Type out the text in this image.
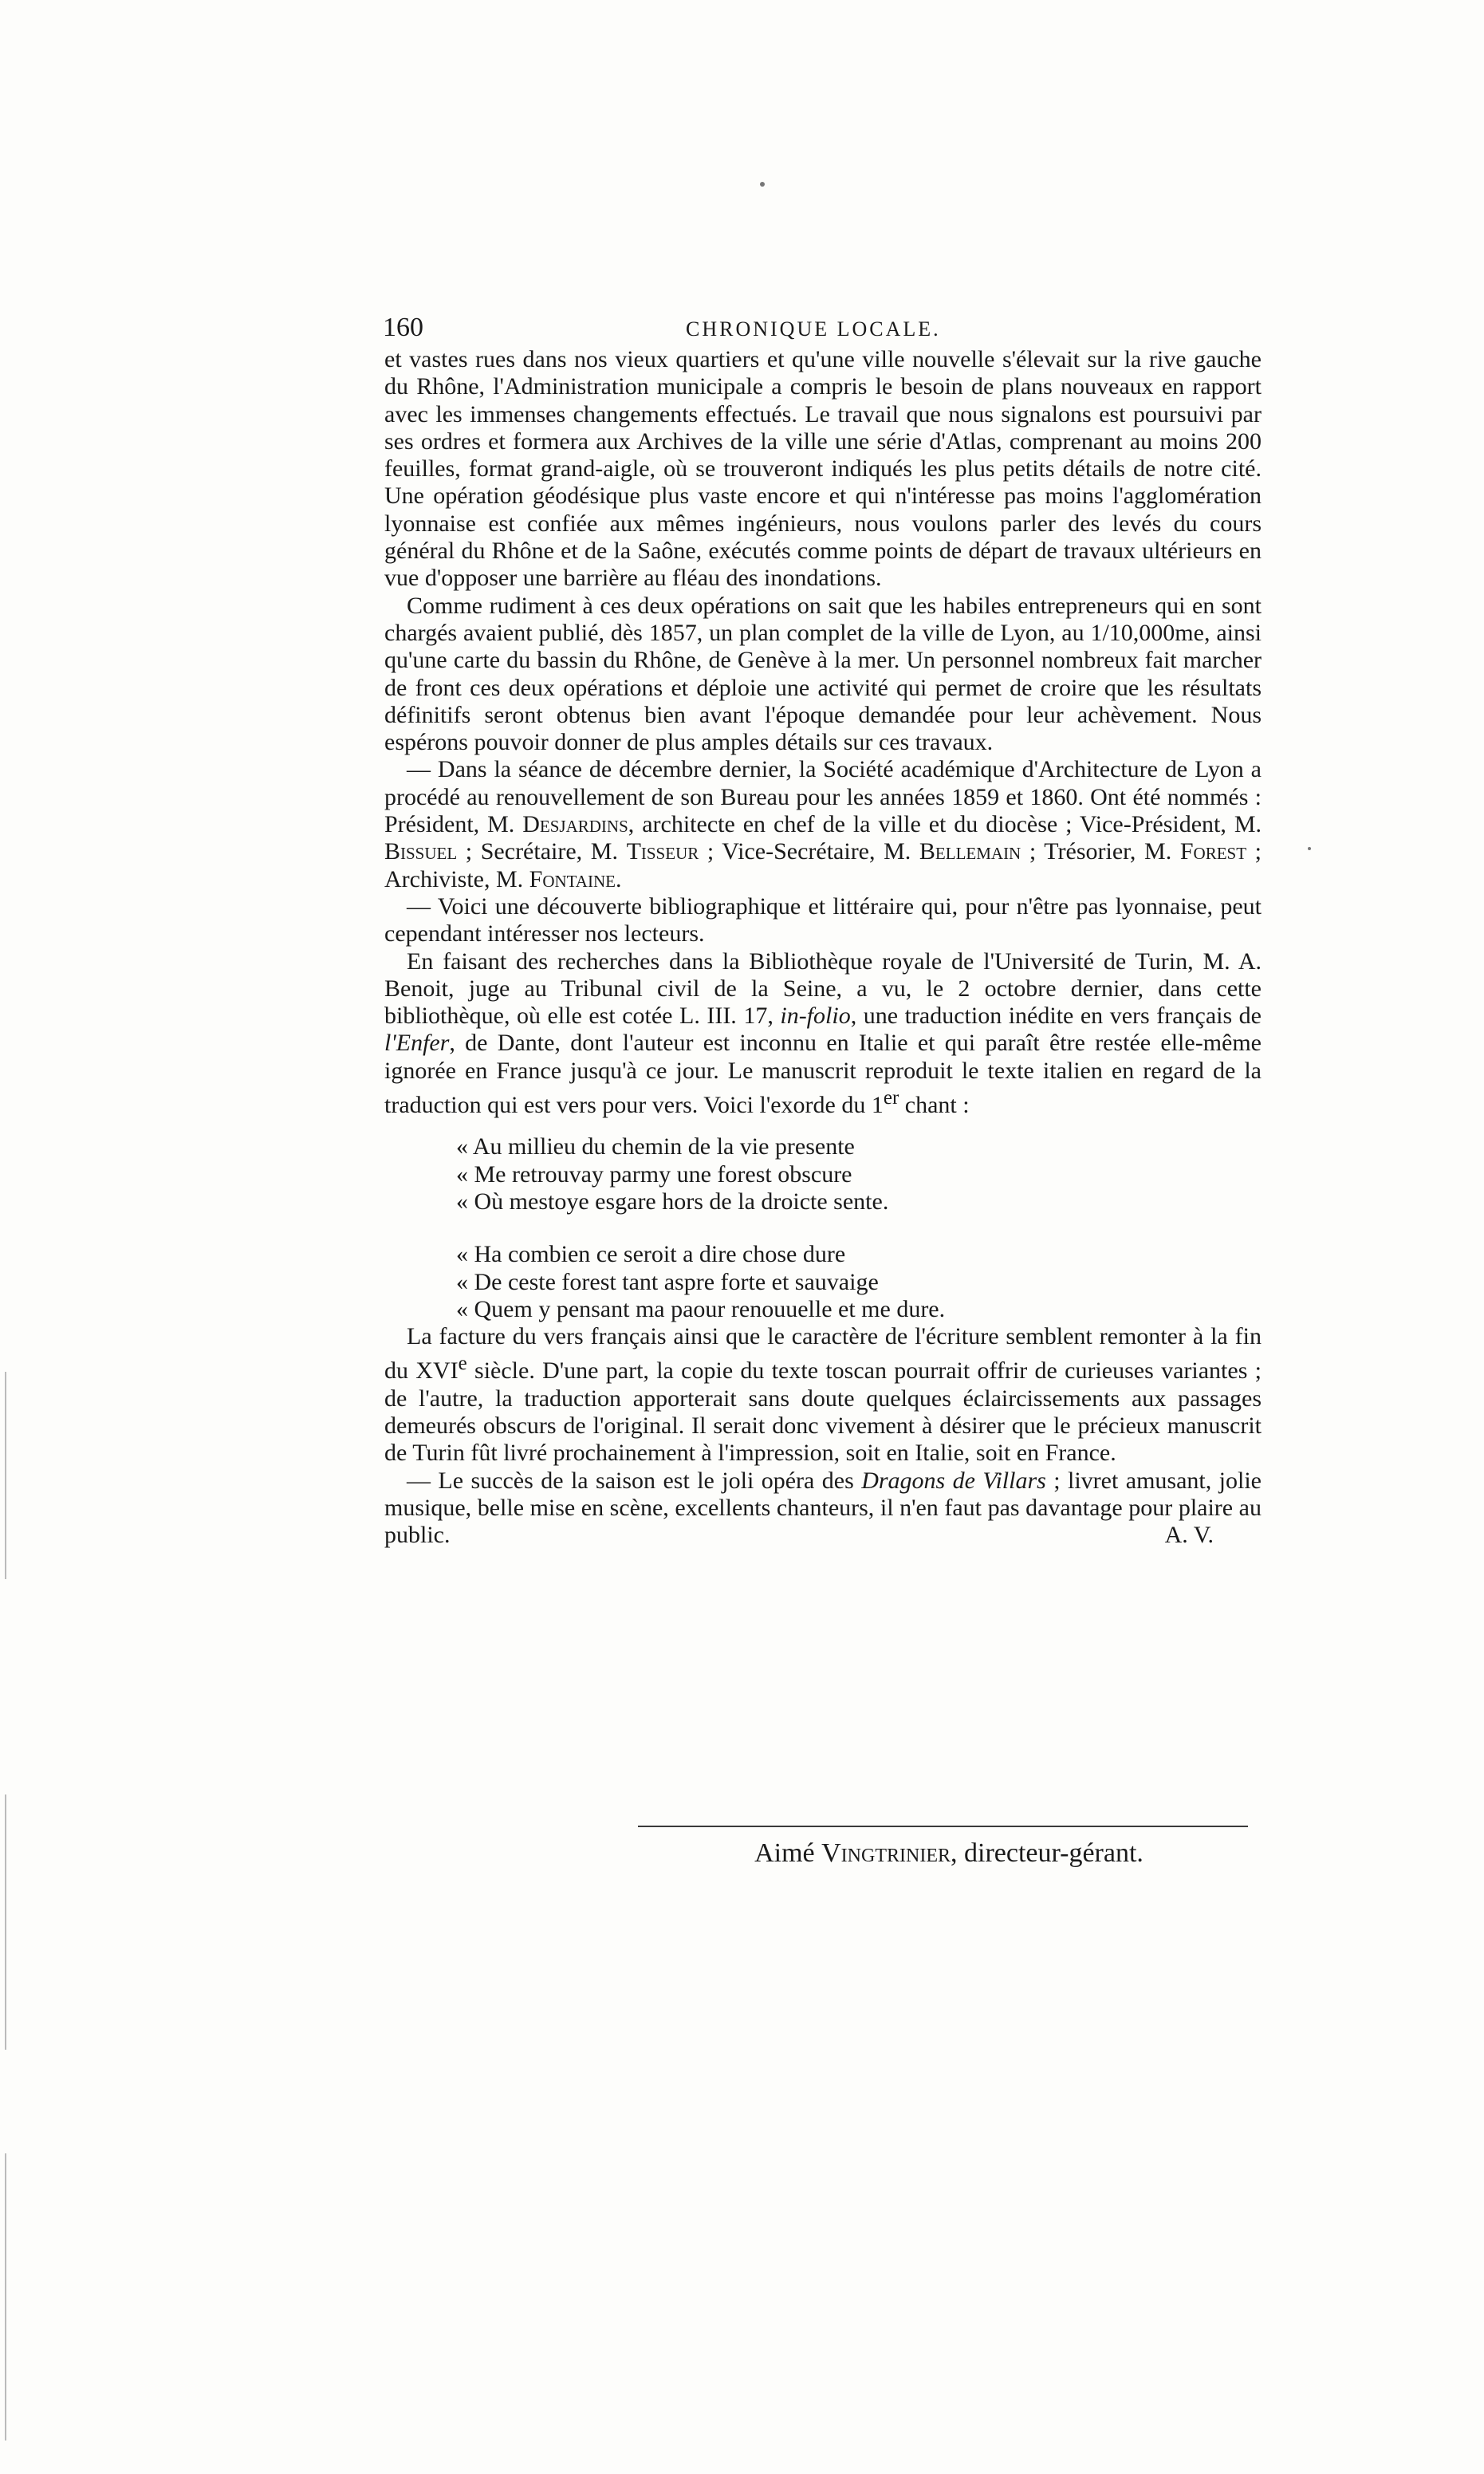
160	CHRONIQUE LOCALE.

et vastes rues dans nos vieux quartiers et qu'une ville nouvelle s'élevait sur la rive gauche du Rhône, l'Administration municipale a compris le besoin de plans nouveaux en rapport avec les immenses changements effectués. Le travail que nous signalons est poursuivi par ses ordres et formera aux Archives de la ville une série d'Atlas, comprenant au moins 200 feuilles, format grand-aigle, où se trouveront indiqués les plus petits détails de notre cité. Une opération géodésique plus vaste encore et qui n'intéresse pas moins l'agglomération lyonnaise est confiée aux mêmes ingénieurs, nous voulons parler des levés du cours général du Rhône et de la Saône, exécutés comme points de départ de travaux ultérieurs en vue d'opposer une barrière au fléau des inondations.

Comme rudiment à ces deux opérations on sait que les habiles entrepreneurs qui en sont chargés avaient publié, dès 1857, un plan complet de la ville de Lyon, au 1/10,000me, ainsi qu'une carte du bassin du Rhône, de Genève à la mer. Un personnel nombreux fait marcher de front ces deux opérations et déploie une activité qui permet de croire que les résultats définitifs seront obtenus bien avant l'époque demandée pour leur achèvement. Nous espérons pouvoir donner de plus amples détails sur ces travaux.

— Dans la séance de décembre dernier, la Société académique d'Architecture de Lyon a procédé au renouvellement de son Bureau pour les années 1859 et 1860. Ont été nommés : Président, M. Desjardins, architecte en chef de la ville et du diocèse ; Vice-Président, M. Bissuel ; Secrétaire, M. Tisseur ; Vice-Secrétaire, M. Bellemain ; Trésorier, M. Forest ; Archiviste, M. Fontaine.

— Voici une découverte bibliographique et littéraire qui, pour n'être pas lyonnaise, peut cependant intéresser nos lecteurs.

En faisant des recherches dans la Bibliothèque royale de l'Université de Turin, M. A. Benoit, juge au Tribunal civil de la Seine, a vu, le 2 octobre dernier, dans cette bibliothèque, où elle est cotée L. III. 17, in-folio, une traduction inédite en vers français de l'Enfer, de Dante, dont l'auteur est inconnu en Italie et qui paraît être restée elle-même ignorée en France jusqu'à ce jour. Le manuscrit reproduit le texte italien en regard de la traduction qui est vers pour vers. Voici l'exorde du 1er chant :

« Au millieu du chemin de la vie presente

« Me retrouvay parmy une forest obscure

« Où mestoye esgare hors de la droicte sente.

« Ha combien ce seroit a dire chose dure

« De ceste forest tant aspre forte et sauvaige

« Quem y pensant ma paour renouuelle et me dure.

La facture du vers français ainsi que le caractère de l'écriture semblent remonter à la fin du XVIe siècle. D'une part, la copie du texte toscan pourrait offrir de curieuses variantes ; de l'autre, la traduction apporterait sans doute quelques éclaircissements aux passages demeurés obscurs de l'original. Il serait donc vivement à désirer que le précieux manuscrit de Turin fût livré prochainement à l'impression, soit en Italie, soit en France.

— Le succès de la saison est le joli opéra des Dragons de Villars ; livret amusant, jolie musique, belle mise en scène, excellents chanteurs, il n'en faut pas davantage pour plaire au public.	A. V.

Aimé Vingtrinier, directeur-gérant.
